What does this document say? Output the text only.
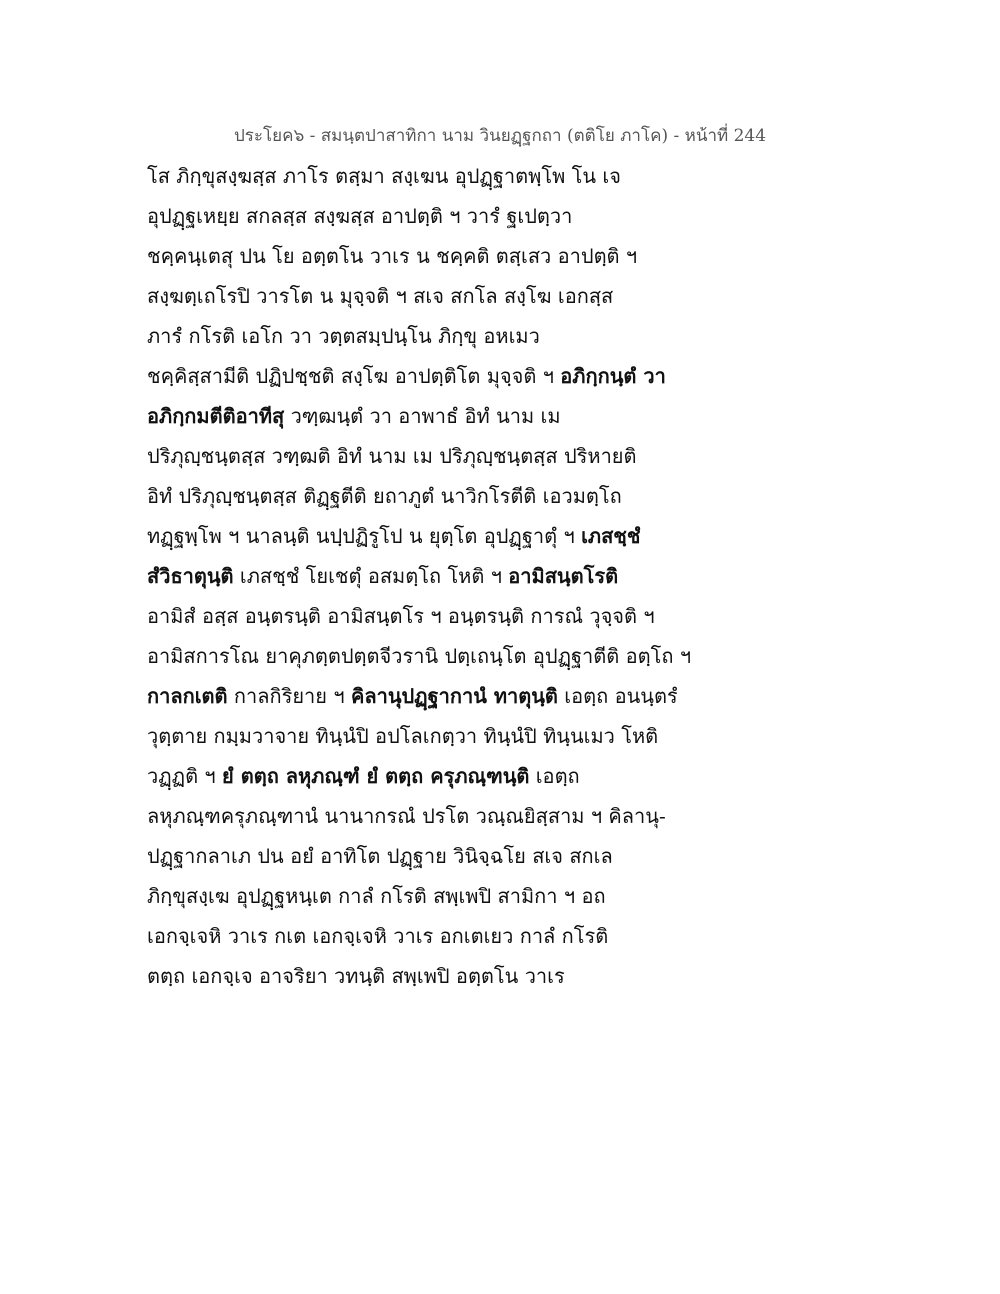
ประโยค๖ - สมนฺตปาสาทิกา นาม วินยฏฺฐกถา (ตติโย ภาโค) - หน้าที่ 244
โส ภิกฺขุสงฺฆสฺส ภาโร ตสฺมา สงฺเฆน อุปฏฺฐาตพฺโพ โน เจ
อุปฏฺฐเหยฺย สกลสฺส สงฺฆสฺส อาปตฺติ ฯ วารํ ฐเปตฺวา
ชคฺคนฺเตสุ ปน โย อตฺตโน วาเร น ชคฺคติ ตสฺเสว อาปตฺติ ฯ
สงฺฆตฺเถโรปิ วารโต น มุจฺจติ ฯ สเจ สกโล สงฺโฆ เอกสฺส
ภารํ กโรติ เอโก วา วตฺตสมฺปนฺโน ภิกฺขุ อหเมว
ชคฺคิสฺสามีติ ปฏิปชฺชติ สงฺโฆ อาปตฺติโต มุจฺจติ ฯ อภิกฺกนฺตํ วา
อภิกฺกมตีติอาทีสุ วฑฺฒนฺตํ วา อาพาธํ อิทํ นาม เม
ปริภุญฺชนฺตสฺส วฑฺฒติ อิทํ นาม เม ปริภุญฺชนฺตสฺส ปริหายติ
อิทํ ปริภุญฺชนฺตสฺส ติฏฺฐตีติ ยถาภูตํ นาวิกโรตีติ เอวมตฺโถ
ทฏฺฐพฺโพ ฯ นาลนฺติ นปฺปฏิรูโป น ยุตฺโต อุปฏฺฐาตุํ ฯ เภสชฺชํ
สํวิธาตุนฺติ เภสชฺชํ โยเชตุํ อสมตฺโถ โหติ ฯ อามิสนฺตโรติ
อามิสํ อสฺส อนฺตรนฺติ อามิสนฺตโร ฯ อนฺตรนฺติ การณํ วุจฺจติ ฯ
อามิสการโณ ยาคุภตฺตปตฺตจีวรานิ ปตฺเถนฺโต อุปฏฺฐาตีติ อตฺโถ ฯ
กาลกเตติ กาลกิริยาย ฯ คิลานุปฏฺฐากานํ ทาตุนฺติ เอตฺถ อนนฺตรํ
วุตฺตาย กมฺมวาจาย ทินฺนํปิ อปโลเกตฺวา ทินฺนํปิ ทินฺนเมว โหติ
วฏฺฏติ ฯ ยํ ตตฺถ ลหุภณฺฑํ ยํ ตตฺถ ครุภณฺฑนฺติ เอตฺถ
ลหุภณฺฑครุภณฺฑานํ นานากรณํ ปรโต วณฺณยิสฺสาม ฯ คิลานุ-
ปฏฺฐากลาเภ ปน อยํ อาทิโต ปฏฺฐาย วินิจฺฉโย สเจ สกเล
ภิกฺขุสงฺเฆ อุปฏฺฐหนฺเต กาลํ กโรติ สพฺเพปิ สามิกา ฯ อถ
เอกจฺเจหิ วาเร กเต เอกจฺเจหิ วาเร อกเตเยว กาลํ กโรติ
ตตฺถ เอกจฺเจ อาจริยา วทนฺติ สพฺเพปิ อตฺตโน วาเร
